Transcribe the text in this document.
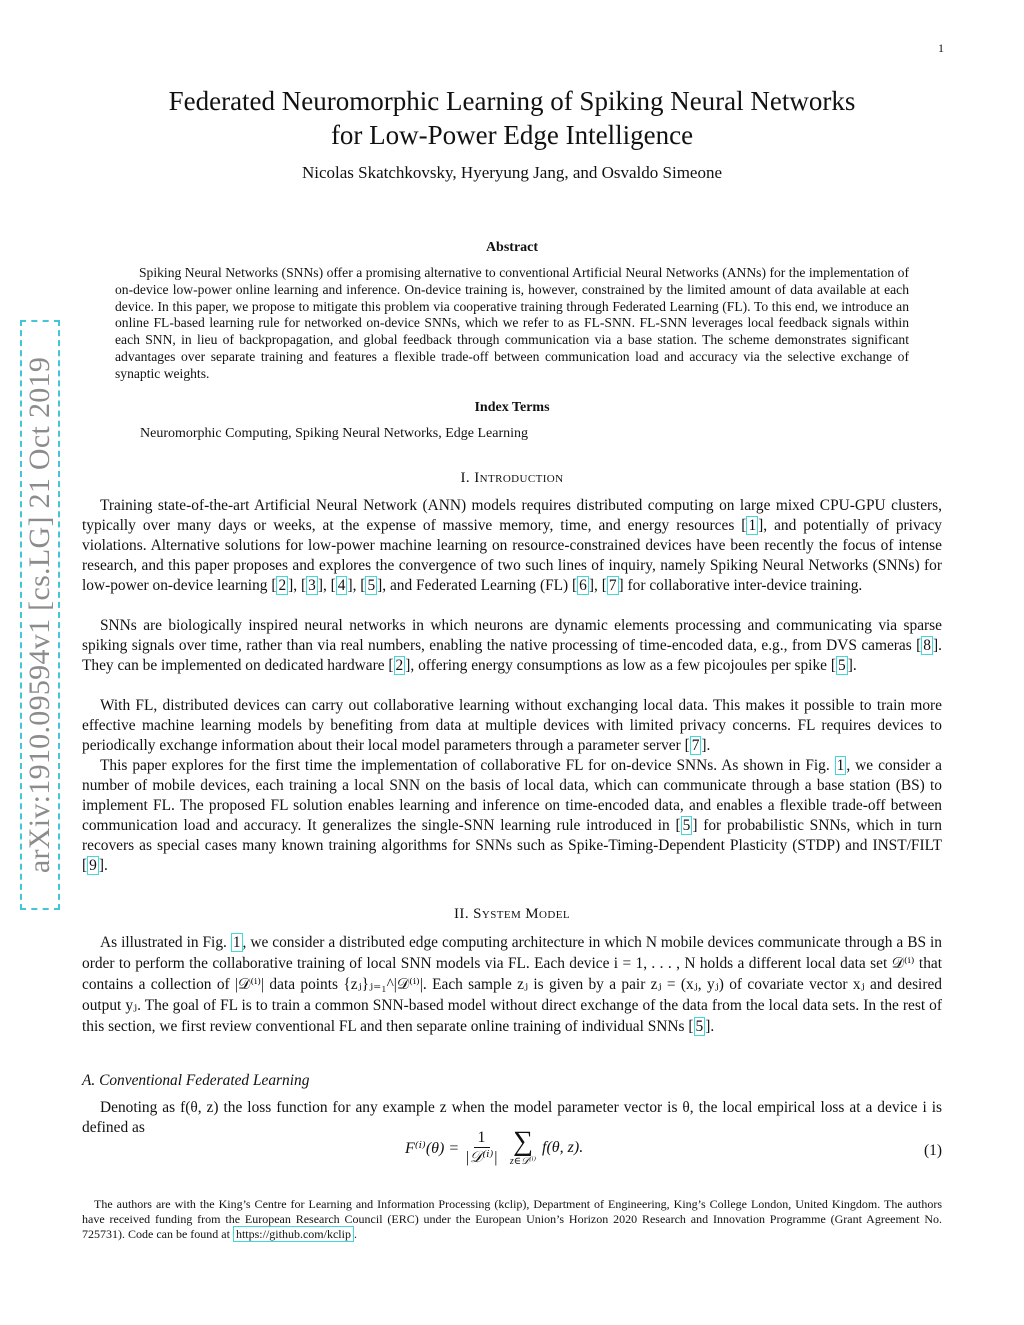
1
arXiv:1910.09594v1 [cs.LG] 21 Oct 2019
Federated Neuromorphic Learning of Spiking Neural Networks
for Low-Power Edge Intelligence
Nicolas Skatchkovsky, Hyeryung Jang, and Osvaldo Simeone
Abstract
Spiking Neural Networks (SNNs) offer a promising alternative to conventional Artificial Neural Networks (ANNs) for the implementation of on-device low-power online learning and inference. On-device training is, however, constrained by the limited amount of data available at each device. In this paper, we propose to mitigate this problem via cooperative training through Federated Learning (FL). To this end, we introduce an online FL-based learning rule for networked on-device SNNs, which we refer to as FL-SNN. FL-SNN leverages local feedback signals within each SNN, in lieu of backpropagation, and global feedback through communication via a base station. The scheme demonstrates significant advantages over separate training and features a flexible trade-off between communication load and accuracy via the selective exchange of synaptic weights.
Index Terms
Neuromorphic Computing, Spiking Neural Networks, Edge Learning
I. Introduction
Training state-of-the-art Artificial Neural Network (ANN) models requires distributed computing on large mixed CPU-GPU clusters, typically over many days or weeks, at the expense of massive memory, time, and energy resources [ 1 ], and potentially of privacy violations. Alternative solutions for low-power machine learning on resource-constrained devices have been recently the focus of intense research, and this paper proposes and explores the convergence of two such lines of inquiry, namely Spiking Neural Networks (SNNs) for low-power on-device learning [ 2 ], [ 3 ], [ 4 ], [ 5 ], and Federated Learning (FL) [ 6 ], [ 7 ] for collaborative inter-device training.
SNNs are biologically inspired neural networks in which neurons are dynamic elements processing and communicating via sparse spiking signals over time, rather than via real numbers, enabling the native processing of time-encoded data, e.g., from DVS cameras [ 8 ]. They can be implemented on dedicated hardware [ 2 ], offering energy consumptions as low as a few picojoules per spike [ 5 ].
With FL, distributed devices can carry out collaborative learning without exchanging local data. This makes it possible to train more effective machine learning models by benefiting from data at multiple devices with limited privacy concerns. FL requires devices to periodically exchange information about their local model parameters through a parameter server [ 7 ].
This paper explores for the first time the implementation of collaborative FL for on-device SNNs. As shown in Fig. 1 , we consider a number of mobile devices, each training a local SNN on the basis of local data, which can communicate through a base station (BS) to implement FL. The proposed FL solution enables learning and inference on time-encoded data, and enables a flexible trade-off between communication load and accuracy. It generalizes the single-SNN learning rule introduced in [ 5 ] for probabilistic SNNs, which in turn recovers as special cases many known training algorithms for SNNs such as Spike-Timing-Dependent Plasticity (STDP) and INST/FILT [ 9 ].
II. System Model
As illustrated in Fig. 1 , we consider a distributed edge computing architecture in which N mobile devices communicate through a BS in order to perform the collaborative training of local SNN models via FL. Each device i = 1, . . . , N holds a different local data set 𝒟⁽ⁱ⁾ that contains a collection of |𝒟⁽ⁱ⁾| data points {zⱼ}ⱼ₌₁^|𝒟⁽ⁱ⁾|. Each sample zⱼ is given by a pair zⱼ = (xⱼ, yⱼ) of covariate vector xⱼ and desired output yⱼ. The goal of FL is to train a common SNN-based model without direct exchange of the data from the local data sets. In the rest of this section, we first review conventional FL and then separate online training of individual SNNs [ 5 ].
A. Conventional Federated Learning
Denoting as f(θ, z) the loss function for any example z when the model parameter vector is θ, the local empirical loss at a device i is defined as
$F^{(i)}(\theta) = \frac{1}{\text{|𝒟⁽ⁱ⁾|}}$ ∑
z∈𝒟⁽ⁱ⁾
f(θ, z).	(1)
The authors are with the King’s Centre for Learning and Information Processing (kclip), Department of Engineering, King’s College London, United Kingdom. The authors have received funding from the European Research Council (ERC) under the European Union’s Horizon 2020 Research and Innovation Programme (Grant Agreement No. 725731). Code can be found at https://github.com/kclip .
